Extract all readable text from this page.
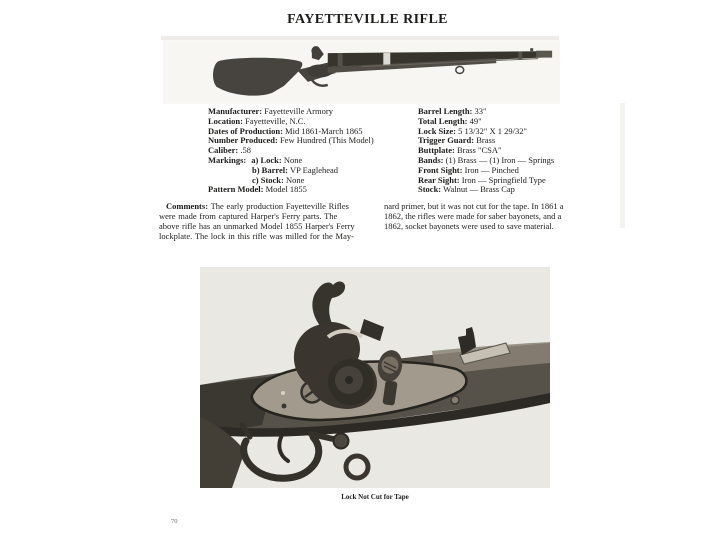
FAYETTEVILLE RIFLE
Manufacturer: Fayetteville Armory
Location: Fayetteville, N.C.
Dates of Production: Mid 1861-March 1865
Number Produced: Few Hundred (This Model)
Caliber: .58
Markings: a) Lock: None
b) Barrel: VP Eaglehead
c) Stock: None
Pattern Model: Model 1855
Barrel Length: 33"
Total Length: 49"
Lock Size: 5 13/32" X 1 29/32"
Trigger Guard: Brass
Buttplate: Brass "CSA"
Bands: (1) Brass — (1) Iron — Springs
Front Sight: Iron — Pinched
Rear Sight: Iron — Springfield Type
Stock: Walnut — Brass Cap
Comments: The early production Fayetteville Rifles
were made from captured Harper's Ferry parts. The
above rifle has an unmarked Model 1855 Harper's Ferry
lockplate. The lock in this rifle was milled for the May-
nard primer, but it was not cut for the tape. In 1861 a
1862, the rifles were made for saber bayonets, and a
1862, socket bayonets were used to save material.
Lock Not Cut for Tape
70
